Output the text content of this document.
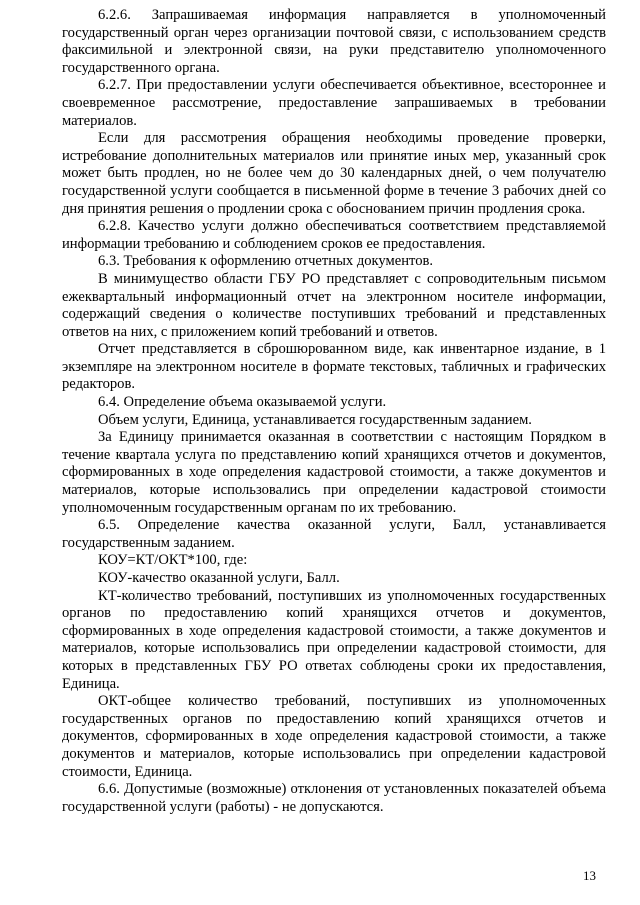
6.2.6. Запрашиваемая информация направляется в уполномоченный государственный орган через организации почтовой связи, с использованием средств факсимильной и электронной связи, на руки представителю уполномоченного государственного органа.

6.2.7. При предоставлении услуги обеспечивается объективное, всестороннее и своевременное рассмотрение, предоставление запрашиваемых в требовании материалов.

Если для рассмотрения обращения необходимы проведение проверки, истребование дополнительных материалов или принятие иных мер, указанный срок может быть продлен, но не более чем до 30 календарных дней, о чем получателю государственной услуги сообщается в письменной форме в течение 3 рабочих дней со дня принятия решения о продлении срока с обоснованием причин продления срока.

6.2.8. Качество услуги должно обеспечиваться соответствием представляемой информации требованию и соблюдением сроков ее предоставления.

6.3. Требования к оформлению отчетных документов.

В минимущество области ГБУ РО представляет с сопроводительным письмом ежеквартальный информационный отчет на электронном носителе информации, содержащий сведения о количестве поступивших требований и представленных ответов на них, с приложением копий требований и ответов.

Отчет представляется в сброшюрованном виде, как инвентарное издание, в 1 экземпляре на электронном носителе в формате текстовых, табличных и графических редакторов.

6.4. Определение объема оказываемой услуги.

Объем услуги, Единица, устанавливается государственным заданием.

За Единицу принимается оказанная в соответствии с настоящим Порядком в течение квартала услуга по представлению копий хранящихся отчетов и документов, сформированных в ходе определения кадастровой стоимости, а также документов и материалов, которые использовались при определении кадастровой стоимости уполномоченным государственным органам по их требованию.

6.5. Определение качества оказанной услуги, Балл, устанавливается государственным заданием.

КОУ=КТ/ОКТ*100, где:

КОУ-качество оказанной услуги, Балл.

КТ-количество требований, поступивших из уполномоченных государственных органов по предоставлению копий хранящихся отчетов и документов, сформированных в ходе определения кадастровой стоимости, а также документов и материалов, которые использовались при определении кадастровой стоимости, для которых в представленных ГБУ РО ответах соблюдены сроки их предоставления, Единица.

ОКТ-общее количество требований, поступивших из уполномоченных государственных органов по предоставлению копий хранящихся отчетов и документов, сформированных в ходе определения кадастровой стоимости, а также документов и материалов, которые использовались при определении кадастровой стоимости, Единица.

6.6. Допустимые (возможные) отклонения от установленных показателей объема государственной услуги (работы) - не допускаются.

13
